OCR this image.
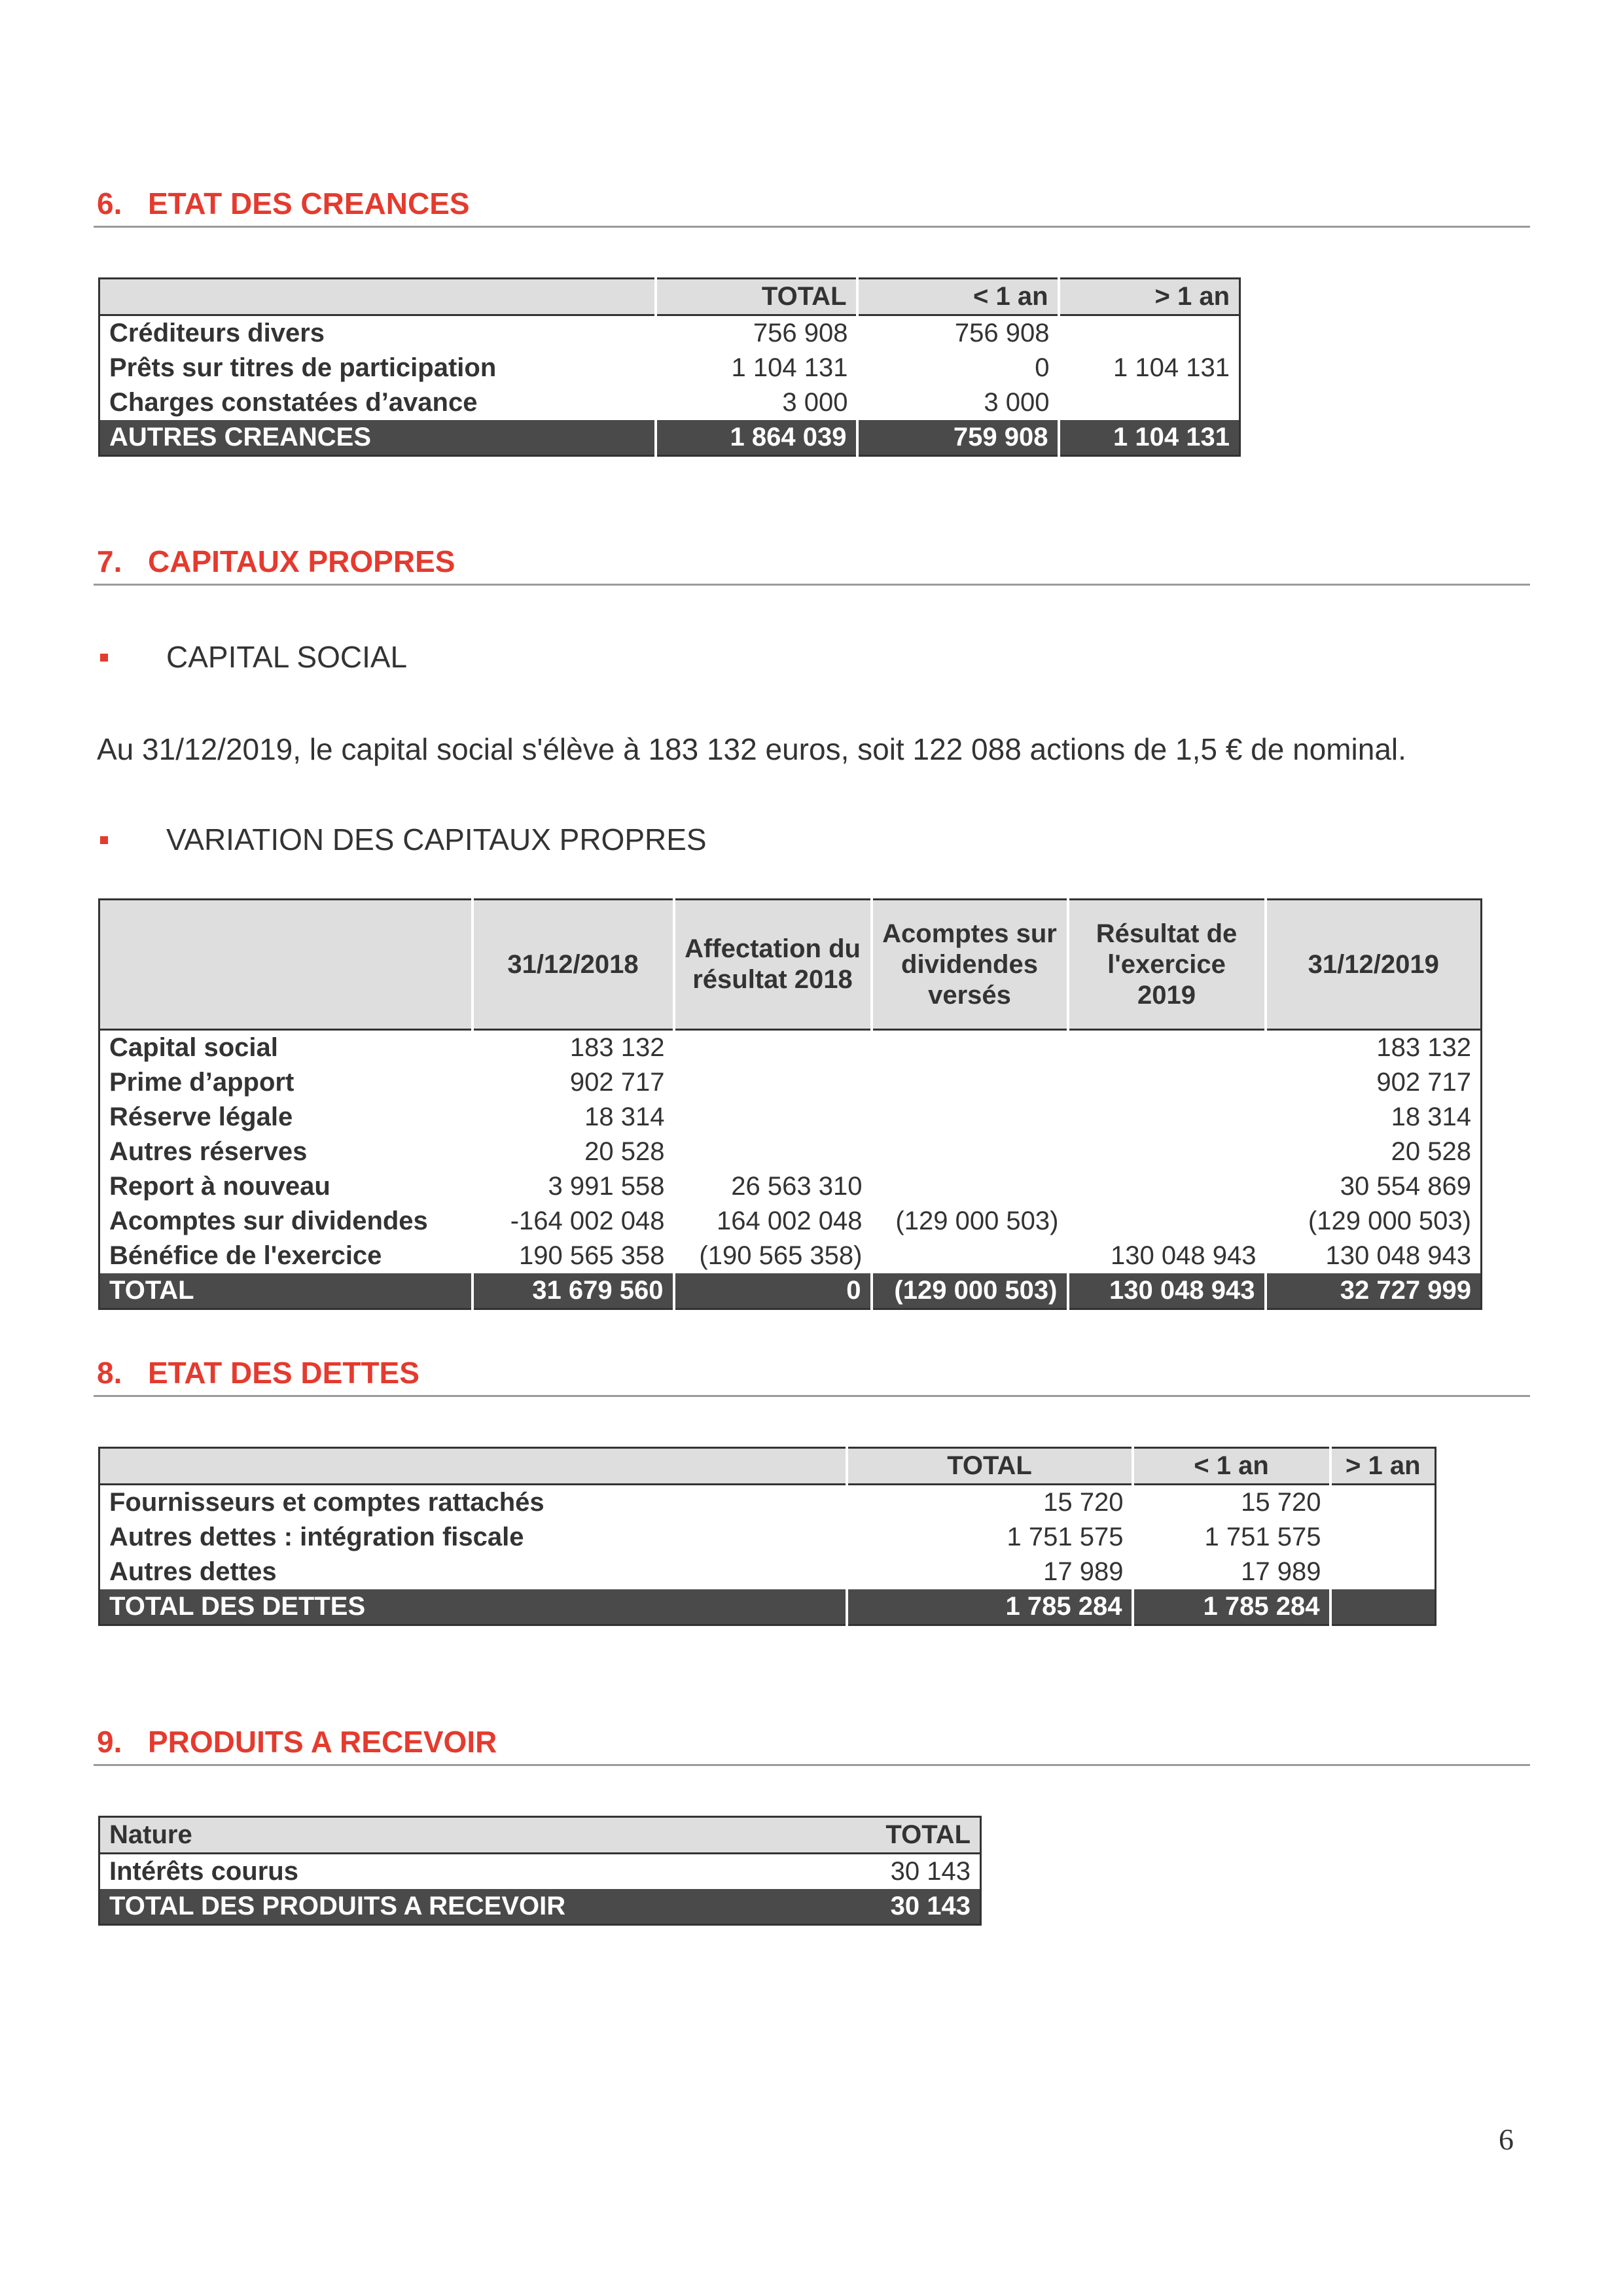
6. ETAT DES CREANCES
	TOTAL	< 1 an	> 1 an
Créditeurs divers	756 908	756 908	
Prêts sur titres de participation	1 104 131	0	1 104 131
Charges constatées d’avance	3 000	3 000	
AUTRES CREANCES	1 864 039	759 908	1 104 131
7. CAPITAUX PROPRES
CAPITAL SOCIAL
Au 31/12/2019, le capital social s'élève à 183 132 euros, soit 122 088 actions de 1,5 € de nominal.
VARIATION DES CAPITAUX PROPRES
	31/12/2018	Affectation du résultat 2018	Acomptes sur dividendes versés	Résultat de l'exercice 2019	31/12/2019
Capital social	183 132				183 132
Prime d’apport	902 717				902 717
Réserve légale	18 314				18 314
Autres réserves	20 528				20 528
Report à nouveau	3 991 558	26 563 310			30 554 869
Acomptes sur dividendes	-164 002 048	164 002 048	(129 000 503)		(129 000 503)
Bénéfice de l'exercice	190 565 358	(190 565 358)		130 048 943	130 048 943
TOTAL	31 679 560	0	(129 000 503)	130 048 943	32 727 999
8. ETAT DES DETTES
	TOTAL	< 1 an	> 1 an
Fournisseurs et comptes rattachés	15 720	15 720	
Autres dettes : intégration fiscale	1 751 575	1 751 575	
Autres dettes	17 989	17 989	
TOTAL DES DETTES	1 785 284	1 785 284	
9. PRODUITS A RECEVOIR
Nature	TOTAL
Intérêts courus	30 143
TOTAL DES PRODUITS A RECEVOIR	30 143
6
